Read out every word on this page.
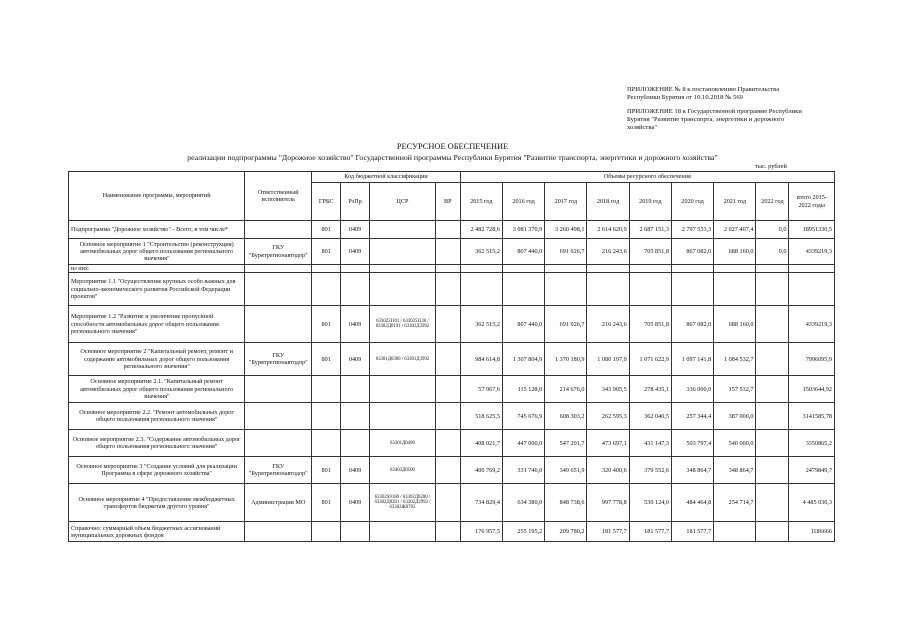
ПРИЛОЖЕНИЕ № 8 к постановлению Правительства
Республики Бурятия от 10.10.2018 № 569
ПРИЛОЖЕНИЕ 18 к Государственной программе Республики
Бурятия "Развитие транспорта, энергетики и дорожного
хозяйства"
РЕСУРСНОЕ ОБЕСПЕЧЕНИЕ
реализации подпрограммы "Дорожное хозяйство" Государственной программы Республики Бурятия "Развитие транспорта, энергетики и дорожного хозяйства"
тыс. рублей
Наименование программы, мероприятий	Ответственный исполнитель	Код бюджетной классификации				Объемы ресурсного обеспечения								
		ГРБС	РзПр	ЦСР	ВР	2015 год	2016 год	2017 год	2018 год	2019 год	2020 год	2021 год	2022 год	итого 2015-2022 годы
Подпрограмма "Дорожное хозяйство" - Всего, в том числе*		801	0409			2 482 728,6	3 081 370,9	3 260 498,1	2 614 620,9	2 687 151,3	2 797 553,3	2 027 407,4	0,0	18951330,5
Основное мероприятие 1 "Строительство (реконструкция) автомобильных дорог общего пользования регионального значения"	ГКУ "Бурятрегионавтодор"	801	0409			362 515,2	807 440,0	691 926,7	216 243,6	705 851,8	867 082,0	688 160,0	0,0	4339219,3
из них:														
Мероприятие 1.1 "Осуществление крупных особо важных для социально-экономического развития Российской Федерации проектов"														
Мероприятие 1.2 "Развитие и увеличение пропускной способности автомобильных дорог общего пользования регионального значения"		801	0409	633025І101 / 633025І130 / 63302Д0191 / 63302Д3992		362 515,2	807 440,0	691 926,7	216 243,6	705 851,8	867 082,0	688 160,0		4339219,3
Основное мероприятие 2 "Капитальный ремонт, ремонт и содержание автомобильных дорог общего пользования регионального значения"	ГКУ "Бурятрегионавтодор"	801	0409	63301Д0300 / 63301Д3992		984 614,8	1 307 804,9	1 370 180,9	1 080 197,9	1 071 622,9	1 097 141,8	1 084 532,7		7996095,9
Основное мероприятие 2.1. "Капитальный ремонт автомобильных дорог общего пользования регионального значения"						57 967,6	115 128,0	214 676,0	343 905,5	278 435,1	336 000,0	157 532,7		1503644,92
Основное мероприятие 2.2. "Ремонт автомобильных дорог общего пользования регионального значения"						518 625,5	745 676,9	608 303,2	262 595,3	362 040,5	257 344,4	387 000,0		3141585,78
Основное мероприятие 2.3. "Содержание автомобильных дорог общего пользования регионального значения"				63301Д0400		408 021,7	447 000,0	547 201,7	473 697,1	431 147,3	503 797,4	540 000,0		3350865,2
Основное мероприятие 3 "Создание условий для реализации Программа в сфере дорожного хозяйства"	ГКУ "Бурятрегионавтодор"	801	0409	63403Д0500		400 769,2	331 746,0	349 651,9	320 400,6	379 552,6	348 864,7	348 864,7		2479849,7
Основное мероприятие 4 "Предоставление межбюджетных трансфертов бюджетам другого уровня"	Администрации МО	801	0409	63302S9180 / 63302Д0200 / 63302Д0201 / 63302Д3992 / 63302Ж0702		734 829,4	634 380,0	848 738,6	997 778,8	530 124,0	484 464,8	254 714,7		4 485 030,3
Справочно: суммарный объем бюджетных ассигнований муниципальных дорожных фондов						176 957,5	255 195,2	209 780,2	181 577,7	181 577,7	181 577,7			1186666
